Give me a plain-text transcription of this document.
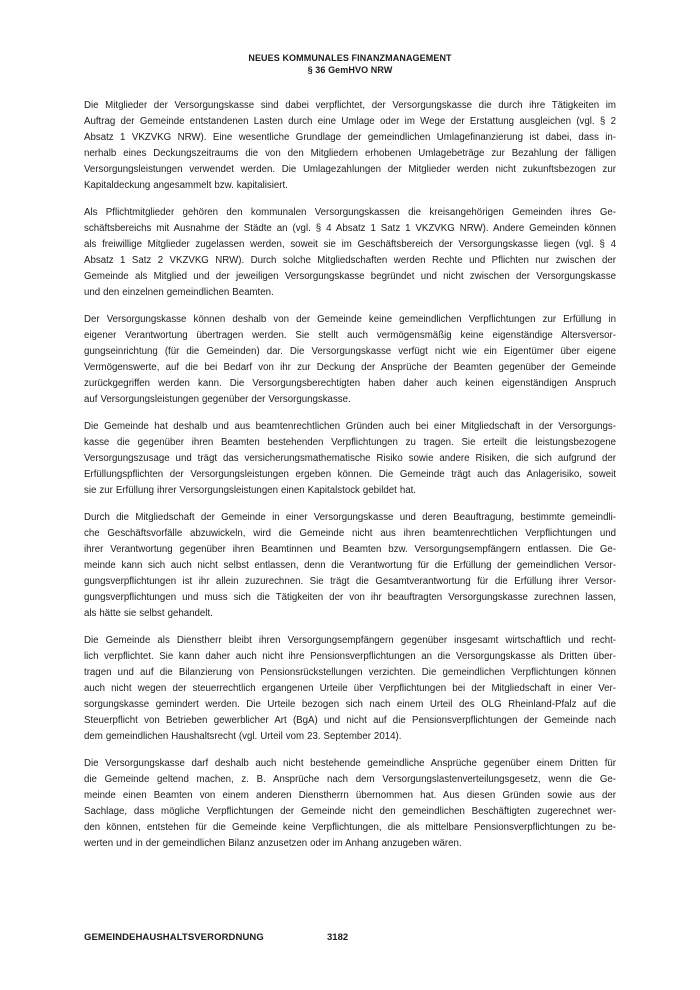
NEUES KOMMUNALES FINANZMANAGEMENT
§ 36 GemHVO NRW
Die Mitglieder der Versorgungskasse sind dabei verpflichtet, der Versorgungskasse die durch ihre Tätigkeiten im
Auftrag der Gemeinde entstandenen Lasten durch eine Umlage oder im Wege der Erstattung ausgleichen (vgl. § 2
Absatz 1 VKZVKG NRW). Eine wesentliche Grundlage der gemeindlichen Umlagefinanzierung ist dabei, dass in-
nerhalb eines Deckungszeitraums die von den Mitgliedern erhobenen Umlagebeträge zur Bezahlung der fälligen
Versorgungsleistungen verwendet werden. Die Umlagezahlungen der Mitglieder werden nicht zukunftsbezogen zur
Kapitaldeckung angesammelt bzw. kapitalisiert.
Als Pflichtmitglieder gehören den kommunalen Versorgungskassen die kreisangehörigen Gemeinden ihres Ge-
schäftsbereichs mit Ausnahme der Städte an (vgl. § 4 Absatz 1 Satz 1 VKZVKG NRW). Andere Gemeinden können
als freiwillige Mitglieder zugelassen werden, soweit sie im Geschäftsbereich der Versorgungskasse liegen (vgl. § 4
Absatz 1 Satz 2 VKZVKG NRW). Durch solche Mitgliedschaften werden Rechte und Pflichten nur zwischen der
Gemeinde als Mitglied und der jeweiligen Versorgungskasse begründet und nicht zwischen der Versorgungskasse
und den einzelnen gemeindlichen Beamten.
Der Versorgungskasse können deshalb von der Gemeinde keine gemeindlichen Verpflichtungen zur Erfüllung in
eigener Verantwortung übertragen werden. Sie stellt auch vermögensmäßig keine eigenständige Altersversor-
gungseinrichtung (für die Gemeinden) dar. Die Versorgungskasse verfügt nicht wie ein Eigentümer über eigene
Vermögenswerte, auf die bei Bedarf von ihr zur Deckung der Ansprüche der Beamten gegenüber der Gemeinde
zurückgegriffen werden kann. Die Versorgungsberechtigten haben daher auch keinen eigenständigen Anspruch
auf Versorgungsleistungen gegenüber der Versorgungskasse.
Die Gemeinde hat deshalb und aus beamtenrechtlichen Gründen auch bei einer Mitgliedschaft in der Versorgungs-
kasse die gegenüber ihren Beamten bestehenden Verpflichtungen zu tragen. Sie erteilt die leistungsbezogene
Versorgungszusage und trägt das versicherungsmathematische Risiko sowie andere Risiken, die sich aufgrund der
Erfüllungspflichten der Versorgungsleistungen ergeben können. Die Gemeinde trägt auch das Anlagerisiko, soweit
sie zur Erfüllung ihrer Versorgungsleistungen einen Kapitalstock gebildet hat.
Durch die Mitgliedschaft der Gemeinde in einer Versorgungskasse und deren Beauftragung, bestimmte gemeindli-
che Geschäftsvorfälle abzuwickeln, wird die Gemeinde nicht aus ihren beamtenrechtlichen Verpflichtungen und
ihrer Verantwortung gegenüber ihren Beamtinnen und Beamten bzw. Versorgungsempfängern entlassen. Die Ge-
meinde kann sich auch nicht selbst entlassen, denn die Verantwortung für die Erfüllung der gemeindlichen Versor-
gungsverpflichtungen ist ihr allein zuzurechnen. Sie trägt die Gesamtverantwortung für die Erfüllung ihrer Versor-
gungsverpflichtungen und muss sich die Tätigkeiten der von ihr beauftragten Versorgungskasse zurechnen lassen,
als hätte sie selbst gehandelt.
Die Gemeinde als Dienstherr bleibt ihren Versorgungsempfängern gegenüber insgesamt wirtschaftlich und recht-
lich verpflichtet. Sie kann daher auch nicht ihre Pensionsverpflichtungen an die Versorgungskasse als Dritten über-
tragen und auf die Bilanzierung von Pensionsrückstellungen verzichten. Die gemeindlichen Verpflichtungen können
auch nicht wegen der steuerrechtlich ergangenen Urteile über Verpflichtungen bei der Mitgliedschaft in einer Ver-
sorgungskasse gemindert werden. Die Urteile bezogen sich nach einem Urteil des OLG Rheinland-Pfalz auf die
Steuerpflicht von Betrieben gewerblicher Art (BgA) und nicht auf die Pensionsverpflichtungen der Gemeinde nach
dem gemeindlichen Haushaltsrecht (vgl. Urteil vom 23. September 2014).
Die Versorgungskasse darf deshalb auch nicht bestehende gemeindliche Ansprüche gegenüber einem Dritten für
die Gemeinde geltend machen, z. B. Ansprüche nach dem Versorgungslastenverteilungsgesetz, wenn die Ge-
meinde einen Beamten von einem anderen Dienstherrn übernommen hat. Aus diesen Gründen sowie aus der
Sachlage, dass mögliche Verpflichtungen der Gemeinde nicht den gemeindlichen Beschäftigten zugerechnet wer-
den können, entstehen für die Gemeinde keine Verpflichtungen, die als mittelbare Pensionsverpflichtungen zu be-
werten und in der gemeindlichen Bilanz anzusetzen oder im Anhang anzugeben wären.
GEMEINDEHAUSHALTSVERORDNUNG	3182
